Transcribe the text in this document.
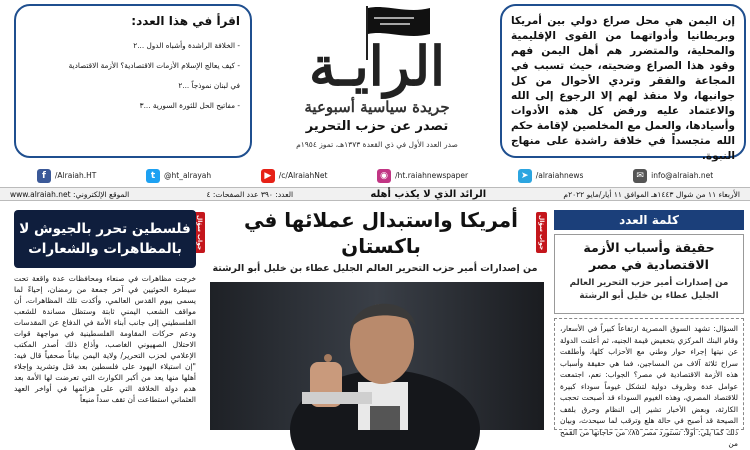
إن اليمن هي محل صراع دولي بين أمريكا وبريطانيا وأدواتهما من القوى الإقليمية والمحلية، والمتضرر هم أهل اليمن فهم وقود هذا الصراع وضحيته، حيث تسبب في المجاعة والفقر وتردي الأحوال من كل جوانبها، ولا منقذ لهم إلا الرجوع إلى الله والاعتماد عليه ورفض كل هذه الأدوات وأسيادها، والعمل مع المخلصين لإقامة حكم الله متجسداً في خلافة راشدة على منهاج النبوة.

الرايـة
جريدة سياسية أسبوعية
تصدر عن حزب التحرير
صدر العدد الأول في ذي القعدة ١٣٧٣هـ، تموز ١٩٥٤م
اقرأ في هذا العدد:
- الخلافة الراشدة وأشباه الدول ...٢
- كيف يعالج الإسلام الأزمات الاقتصادية؟ الأزمة الاقتصادية
في لبنان نموذجاً ...٢
- مفاتيح الحل للثورة السورية ...٣
f	/Alraiah.HT	t	@ht_alrayah	▶	/c/AlraiahNet	◉ /ht.raiahnewspaper	➤ /alraiahnews	✉ info@alraiah.net
الأربعاء ١١ من شوال ١٤٤٣هـ الموافق ١١ أيار/مايو ٢٠٢٢م
الرائد الذي لا يكذب أهله
العدد: ٣٩٠ عدد الصفحات: ٤
الموقع الإلكتروني: www.alraiah.net
كلمة العدد
حقيقة وأسباب الأزمة الاقتصادية في مصر
من إصدارات أمير حزب التحرير العالم الجليل عطاء بن خليل أبو الرشتة
السؤال: تشهد السوق المصرية ارتفاعاً كبيراً في الأسعار، وقام البنك المركزي بتخفيض قيمة الجنيه، ثم أعلنت الدولة عن نيتها إجراء حوار وطني مع الأحزاب كلها، وأطلقت سراح ثلاثة آلاف من المساجين، فما هي حقيقة وأسباب هذه الأزمة الاقتصادية في مصر؟ الجواب: نعم، اجتمعت عوامل عدة وظروف دولية لتشكل غيوماً سوداء كبيرة للاقتصاد المصري، وهذه الغيوم السوداء قد أصبحت تحجب الكارثة، وبعض الأخبار تشير إلى النظام وحرق بلقف الصيحة قد أصبح في حالة هلع وترقب لما سيحدث، وبيان ذلك كما يلي: أولاً: تستورد مصر ٨٥٪ من حاجاتها من القمح من
جواب سؤال
أمريكا واستبدال عملائها في باكستان
من إصدارات أمير حزب التحرير العالم الجليل عطاء بن خليل أبو الرشتة
جواب سؤال
فلسطين تحرر بالجيوش لا بالمظاهرات والشعارات
خرجت مظاهرات في صنعاء ومحافظات عدة واقعة تحت سيطرة الحوثيين في آخر جمعة من رمضان، إحياءً لما يسمى بيوم القدس العالمي، وأكدت تلك المظاهرات، أن مواقف الشعب اليمني ثابتة وستظل مساندة للشعب الفلسطيني إلى جانب أبناء الأمة في الدفاع عن المقدسات ودعم حركات المقاومة الفلسطينية في مواجهة قوات الاحتلال الصهيوني الغاصب، وأذاع ذلك أصدر المكتب الإعلامي لحزب التحرير/ ولاية اليمن بياناً صحفياً قال فيه: "إن استيلاء اليهود على فلسطين بعد قتل وتشريد وإجلاء أهلها منها يعد من أكبر الكوارث التي تعرضت لها الأمة بعد هدم دولة الخلافة التي على هزائمها في أواخر العهد العثماني استطاعت أن تقف سداً منيعاً
